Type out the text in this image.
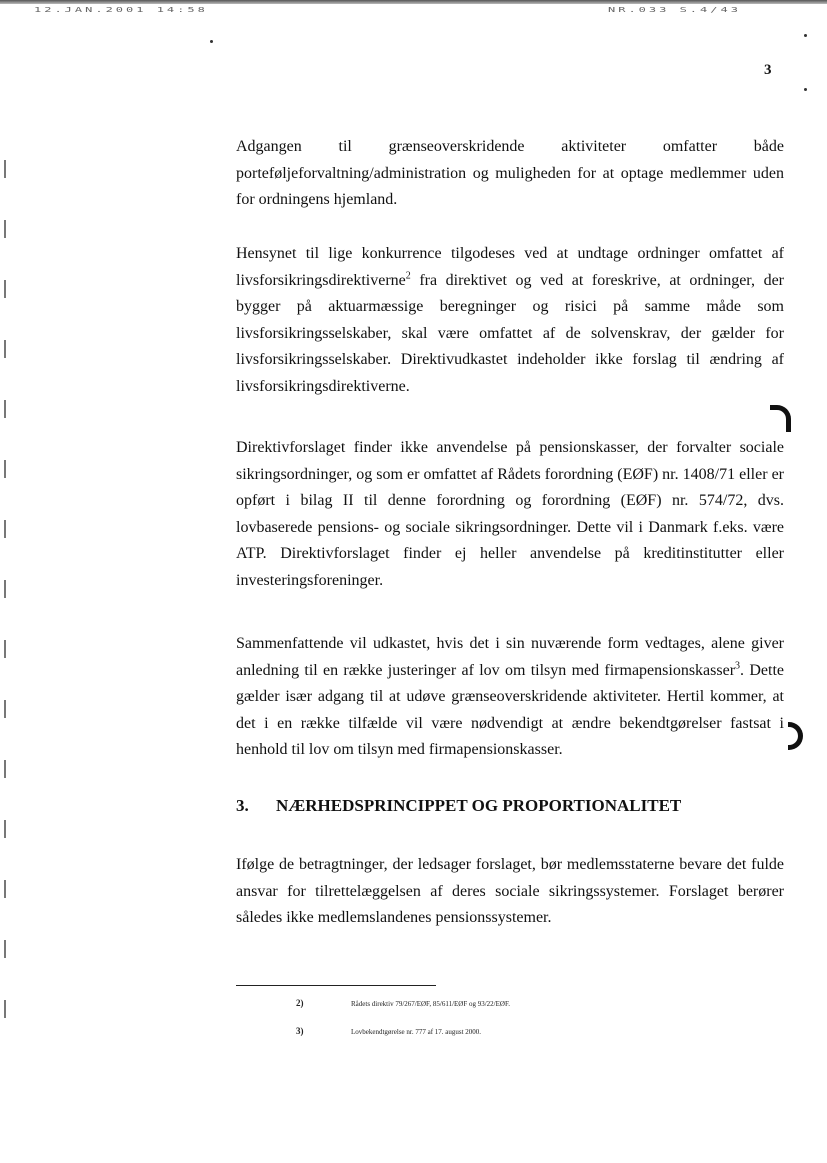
12.JAN.2001 14:58	NR.033 S.4/43
3

Adgangen til grænseoverskridende aktiviteter omfatter både porteføljeforvaltning/administration og muligheden for at optage medlemmer uden for ordningens hjemland.

Hensynet til lige konkurrence tilgodeses ved at undtage ordninger omfattet af livsforsikringsdirektiverne$^2$ fra direktivet og ved at foreskrive, at ordninger, der bygger på aktuarmæssige beregninger og risici på samme måde som livsforsikringsselskaber, skal være omfattet af de solvenskrav, der gælder for livsforsikringsselskaber. Direktivudkastet indeholder ikke forslag til ændring af livsforsikringsdirektiverne.

Direktivforslaget finder ikke anvendelse på pensionskasser, der forvalter sociale sikringsordninger, og som er omfattet af Rådets forordning (EØF) nr. 1408/71 eller er opført i bilag II til denne forordning og forordning (EØF) nr. 574/72, dvs. lovbaserede pensions- og sociale sikringsordninger. Dette vil i Danmark f.eks. være ATP. Direktivforslaget finder ej heller anvendelse på kreditinstitutter eller investeringsforeninger.

Sammenfattende vil udkastet, hvis det i sin nuværende form vedtages, alene giver anledning til en række justeringer af lov om tilsyn med firmapensionskasser$^3$. Dette gælder især adgang til at udøve grænseoverskridende aktiviteter. Hertil kommer, at det i en række tilfælde vil være nødvendigt at ændre bekendtgørelser fastsat i henhold til lov om tilsyn med firmapensionskasser.

3. NÆRHEDSPRINCIPPET OG PROPORTIONALITET

Ifølge de betragtninger, der ledsager forslaget, bør medlemsstaterne bevare det fulde ansvar for tilrettelæggelsen af deres sociale sikringssystemer. Forslaget berører således ikke medlemslandenes pensionssystemer.

2)	Rådets direktiv 79/267/EØF, 85/611/EØF og 93/22/EØF.
3)	Lovbekendtgørelse nr. 777 af 17. august 2000.
